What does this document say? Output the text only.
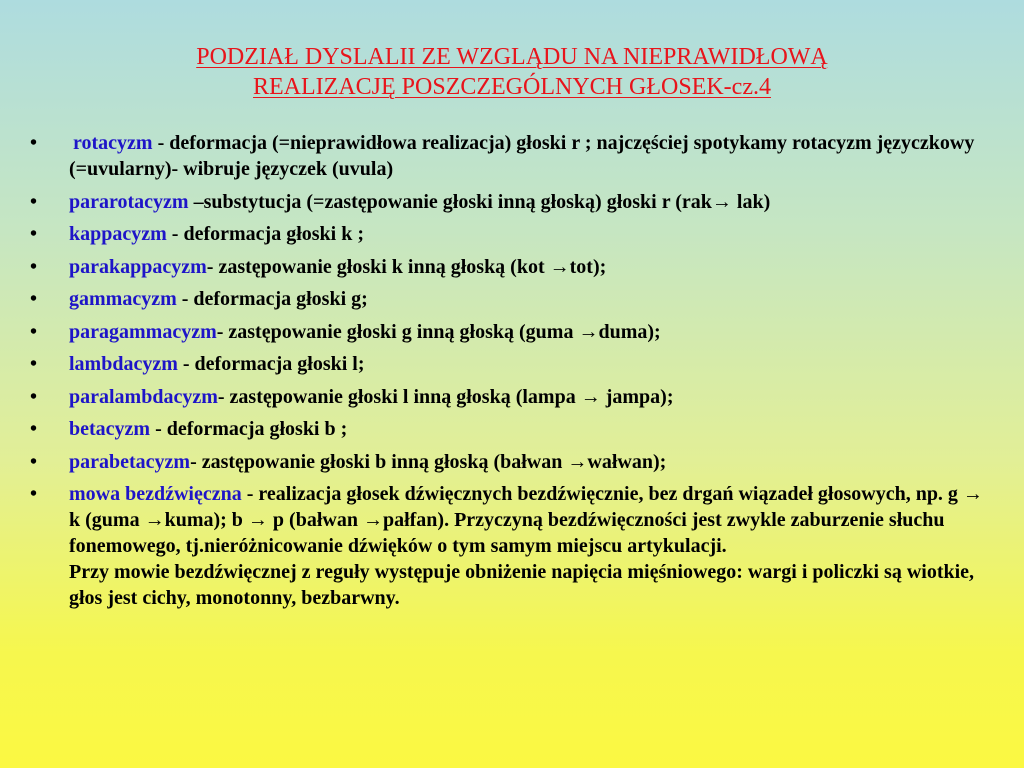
PODZIAŁ DYSLALII ZE WZGLĄDU NA NIEPRAWIDŁOWĄ
REALIZACJĘ POSZCZEGÓLNYCH GŁOSEK-cz.4
•	rotacyzm - deformacja (=nieprawidłowa realizacja) głoski r ; najczęściej spotykamy rotacyzm języczkowy (=uvularny)- wibruje języczek (uvula)
•	pararotacyzm –substytucja (=zastępowanie głoski inną głoską) głoski r (rak→ lak)
•	kappacyzm - deformacja głoski k ;
•	parakappacyzm- zastępowanie głoski k inną głoską (kot →tot);
•	gammacyzm - deformacja głoski g;
•	paragammacyzm- zastępowanie głoski g inną głoską (guma →duma);
•	lambdacyzm - deformacja głoski l;
•	paralambdacyzm- zastępowanie głoski l inną głoską (lampa → jampa);
•	betacyzm - deformacja głoski b ;
•	parabetacyzm- zastępowanie głoski b inną głoską (bałwan →wałwan);
•	mowa bezdźwięczna - realizacja głosek dźwięcznych bezdźwięcznie, bez drgań wiązadeł głosowych, np. g → k (guma →kuma); b → p (bałwan →pałfan). Przyczyną bezdźwięczności jest zwykle zaburzenie słuchu fonemowego, tj.nieróżnicowanie dźwięków o tym samym miejscu artykulacji.
Przy mowie bezdźwięcznej z reguły występuje obniżenie napięcia mięśniowego: wargi i policzki są wiotkie, głos jest cichy, monotonny, bezbarwny.
